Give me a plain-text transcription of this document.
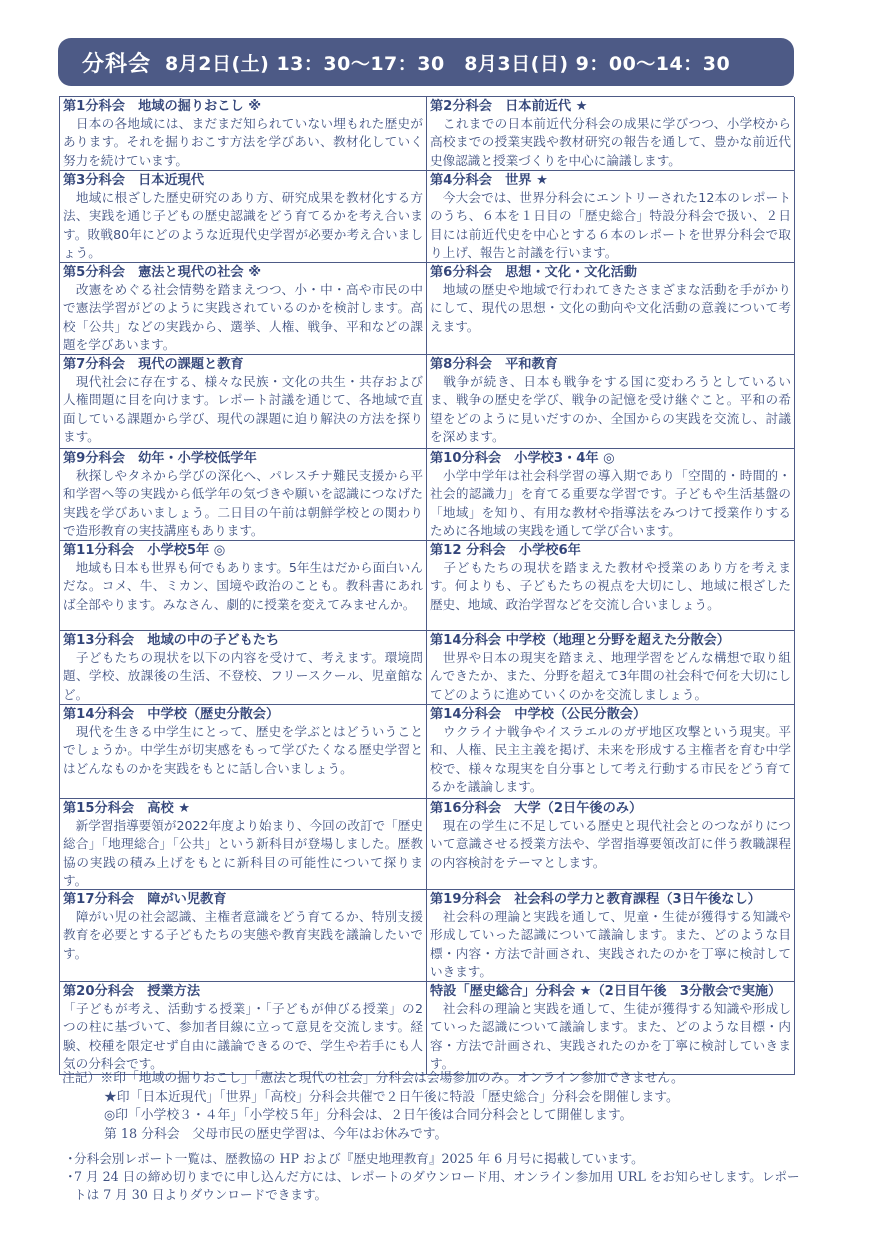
分科会 8月2日(土) 13：30〜17：30　8月3日(日) 9：00〜14：30
第1分科会　地域の掘りおこし ※
　日本の各地域には、まだまだ知られていない埋もれた歴史があります。それを掘りおこす方法を学びあい、教材化していく努力を続けています。
第2分科会　日本前近代 ★
　これまでの日本前近代分科会の成果に学びつつ、小学校から高校までの授業実践や教材研究の報告を通して、豊かな前近代史像認識と授業づくりを中心に論議します。
第3分科会　日本近現代
　地域に根ざした歴史研究のあり方、研究成果を教材化する方法、実践を通じ子どもの歴史認識をどう育てるかを考え合います。敗戦80年にどのような近現代史学習が必要か考え合いましょう。
第4分科会　世界 ★
　今大会では、世界分科会にエントリーされた12本のレポートのうち、６本を１日目の「歴史総合」特設分科会で扱い、２日目には前近代史を中心とする６本のレポートを世界分科会で取り上げ、報告と討議を行います。
第5分科会　憲法と現代の社会 ※
　改憲をめぐる社会情勢を踏まえつつ、小・中・高や市民の中で憲法学習がどのように実践されているのかを検討します。高校「公共」などの実践から、選挙、人権、戦争、平和などの課題を学びあいます。
第6分科会　思想・文化・文化活動
　地域の歴史や地域で行われてきたさまざまな活動を手がかりにして、現代の思想・文化の動向や文化活動の意義について考えます。
第7分科会　現代の課題と教育
　現代社会に存在する、様々な民族・文化の共生・共存および人権問題に目を向けます。レポート討議を通じて、各地域で直面している課題から学び、現代の課題に迫り解決の方法を探ります。
第8分科会　平和教育
　戦争が続き、日本も戦争をする国に変わろうとしているいま、戦争の歴史を学び、戦争の記憶を受け継ぐこと。平和の希望をどのように見いだすのか、全国からの実践を交流し、討議を深めます。
第9分科会　幼年・小学校低学年
　秋探しやタネから学びの深化へ、パレスチナ難民支援から平和学習へ等の実践から低学年の気づきや願いを認識につなげた実践を学びあいましょう。二日目の午前は朝鮮学校との関わりで造形教育の実技講座もあります。
第10分科会　小学校3・4年 ◎
　小学中学年は社会科学習の導入期であり「空間的・時間的・社会的認識力」を育てる重要な学習です。子どもや生活基盤の「地域」を知り、有用な教材や指導法をみつけて授業作りするために各地域の実践を通して学び合います。
第11分科会　小学校5年 ◎
　地域も日本も世界も何でもあります。5年生はだから面白いんだな。コメ、牛、ミカン、国境や政治のことも。教科書にあれば全部やります。みなさん、劇的に授業を変えてみませんか。
第12 分科会　小学校6年
　子どもたちの現状を踏まえた教材や授業のあり方を考えます。何よりも、子どもたちの視点を大切にし、地域に根ざした歴史、地域、政治学習などを交流し合いましょう。
第13分科会　地域の中の子どもたち
　子どもたちの現状を以下の内容を受けて、考えます。環境問題、学校、放課後の生活、不登校、フリースクール、児童館など。
第14分科会 中学校（地理と分野を超えた分散会）
　世界や日本の現実を踏まえ、地理学習をどんな構想で取り組んできたか、また、分野を超えて3年間の社会科で何を大切にしてどのように進めていくのかを交流しましょう。
第14分科会　中学校（歴史分散会）
　現代を生きる中学生にとって、歴史を学ぶとはどういうことでしょうか。中学生が切実感をもって学びたくなる歴史学習とはどんなものかを実践をもとに話し合いましょう。
第14分科会　中学校（公民分散会）
　ウクライナ戦争やイスラエルのガザ地区攻撃という現実。平和、人権、民主主義を掲げ、未来を形成する主権者を育む中学校で、様々な現実を自分事として考え行動する市民をどう育てるかを議論します。
第15分科会　高校 ★
　新学習指導要領が2022年度より始まり、今回の改訂で「歴史総合」「地理総合」「公共」という新科目が登場しました。歴教協の実践の積み上げをもとに新科目の可能性について探ります。
第16分科会　大学（2日午後のみ）
　現在の学生に不足している歴史と現代社会とのつながりについて意識させる授業方法や、学習指導要領改訂に伴う教職課程の内容検討をテーマとします。
第17分科会　障がい児教育
　障がい児の社会認識、主権者意識をどう育てるか、特別支援教育を必要とする子どもたちの実態や教育実践を議論したいです。
第19分科会　社会科の学力と教育課程（3日午後なし）
　社会科の理論と実践を通して、児童・生徒が獲得する知識や形成していった認識について議論します。また、どのような目標・内容・方法で計画され、実践されたのかを丁寧に検討していきます。
第20分科会　授業方法
「子どもが考え、活動する授業」・「子どもが伸びる授業」の2つの柱に基づいて、参加者目線に立って意見を交流します。経験、校種を限定せず自由に議論できるので、学生や若手にも人気の分科会です。
特設「歴史総合」分科会 ★（2日目午後　3分散会で実施）
　社会科の理論と実践を通して、生徒が獲得する知識や形成していった認識について議論します。また、どのような目標・内容・方法で計画され、実践されたのかを丁寧に検討していきます。
注記）※印「地域の掘りおこし」「憲法と現代の社会」分科会は会場参加のみ。オンライン参加できません。
★印「日本近現代」「世界」「高校」分科会共催で２日午後に特設「歴史総合」分科会を開催します。
◎印「小学校３・４年」「小学校５年」分科会は、２日午後は合同分科会として開催します。
第 18 分科会　父母市民の歴史学習は、今年はお休みです。
・
分科会別レポート一覧は、歴教協の HP および『歴史地理教育』2025 年 6 月号に掲載しています。
・
7 月 24 日の締め切りまでに申し込んだ方には、レポートのダウンロード用、オンライン参加用 URL をお知らせします。レポートは 7 月 30 日よりダウンロードできます。
